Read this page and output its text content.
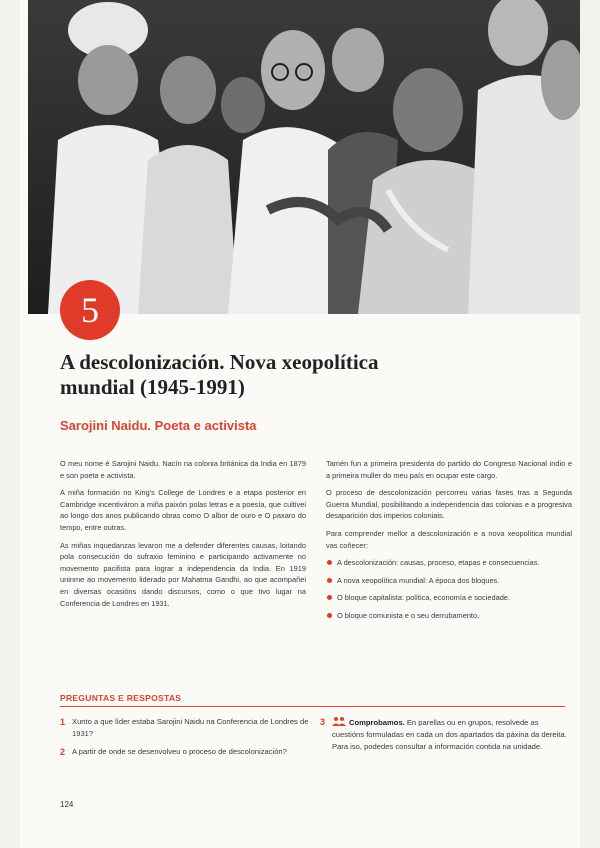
5
A descolonización. Nova xeopolítica mundial (1945-1991)
Sarojini Naidu. Poeta e activista

O meu nome é Sarojini Naidu. Nacín na colonia británica da India en 1879 e son poeta e activista.

A miña formación no King's College de Londres e a etapa posterior en Cambridge incentiváron a miña paixón polas letras e a poesía, que cultivei ao longo dos anos publicando obras como O albor de ouro e O paxaro do tempo, entre outras.

As miñas inquedanzas levaron me a defender diferentes causas, loitando pola consecución do sufraxio feminino e participando activamente no movemento pacifista para lograr a independencia da India. En 1919 uninme ao movemento liderado por Mahatma Gandhi, ao que acompañei en diversas ocasións dando discursos, como o que tivo lugar na Conferencia de Londres en 1931.

Tamén fun a primeira presidenta do partido do Congreso Nacional indio e a primeira muller do meu país en ocupar este cargo.

O proceso de descolonización percorreu varias fases tras a Segunda Guerra Mundial, posibilitando a independencia das colonias e a progresiva desaparición dos imperios coloniais.

Para comprender mellor a descolonización e a nova xeopolítica mundial vas coñecer:

A descolonización: causas, proceso, etapas e consecuencias.
A nova xeopolítica mundial: A época dos bloques.
O bloque capitalista: política, economía e sociedade.
O bloque comunista e o seu derrubamento.
PREGUNTAS E RESPOSTAS
1 Xunto a que líder estaba Sarojini Naidu na Conferencia de Londres de 1931?
2 A partir de onde se desenvolveu o proceso de descolonización?
3	Comprobamos. En parellas ou en grupos, resolvede as cuestións formuladas en cada un dos apartados da páxina da dereita. Para iso, podedes consultar a información contida na unidade.
124
